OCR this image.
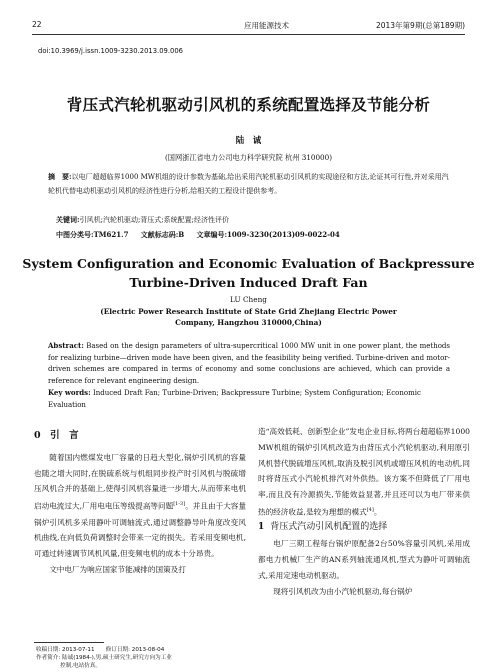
22	应用能源技术	2013年第9期(总第189期)
doi:10.3969/j.issn.1009-3230.2013.09.006
背压式汽轮机驱动引风机的系统配置选择及节能分析
陆　诚
(国网浙江省电力公司电力科学研究院 杭州 310000)
摘　要:以电厂超超临界1000 MW机组的设计参数为基础,给出采用汽轮机驱动引风机的实现途径和方法,论证其可行性,并对采用汽轮机代替电动机驱动引风机的经济性进行分析,给相关的工程设计提供参考。
关键词:引风机;汽轮机驱动;背压式;系统配置;经济性评价
中图分类号:TM621.7 文献标志码:B 文章编号:1009-3230(2013)09-0022-04
System Configuration and Economic Evaluation of Backpressure
Turbine-Driven Induced Draft Fan
LU Cheng
(Electric Power Research Institute of State Grid Zhejiang Electric Power
Company, Hangzhou 310000,China)
Abstract: Based on the design parameters of ultra-supercritical 1000 MW unit in one power plant, the methods for realizing turbine—driven mode have been given, and the feasibility being verified. Turbine-driven and motor-driven schemes are compared in terms of economy and some conclusions are achieved, which can provide a reference for relevant engineering design.
Key words: Induced Draft Fan; Turbine-Driven; Backpressure Turbine; System Configuration; Economic Evaluation
0　引　言

随着国内燃煤发电厂容量的日趋大型化,锅炉引风机的容量也随之增大同时,在脱硫系统与机组同步投产时引风机与脱硫增压风机合并的基础上,使得引风机容量进一步增大,从而带来电机启动电流过大,厂用电电压等级提高等问题[1-3]。并且由于大容量锅炉引风机多采用静叶可调轴流式,通过调整静导叶角度改变风机曲线,在向低负荷调整时会带来一定的损失。若采用变频电机,可通过转速调节风机风量,但变频电机的成本十分昂贵。

文中电厂为响应国家节能减排的国策及打

造“高效低耗、创新型企业”发电企业目标,将两台超超临界1000 MW机组的锅炉引风机改造为由背压式小汽轮机驱动,利用原引风机替代脱硫增压风机,取消及脱引风机或增压风机的电动机,同时将背压式小汽轮机排汽对外供热。该方案不但降低了厂用电率,而且没有冷源损失,节能效益显著,并且还可以为电厂带来供热的经济收益,是较为理想的模式[4]。

1 背压式汽动引风机配置的选择

电厂三期工程每台锅炉原配备2台50%容量引风机,采用成都电力机械厂生产的AN系列轴流通风机,型式为静叶可调轴流式,采用定速电动机驱动。

现将引风机改为由小汽轮机驱动,每台锅炉

收稿日期: 2013-07-11　　修订日期: 2013-08-04
作者简介: 陆诚(1984-),男,硕士研究生,研究方向为工业
控制,电站仿真。
